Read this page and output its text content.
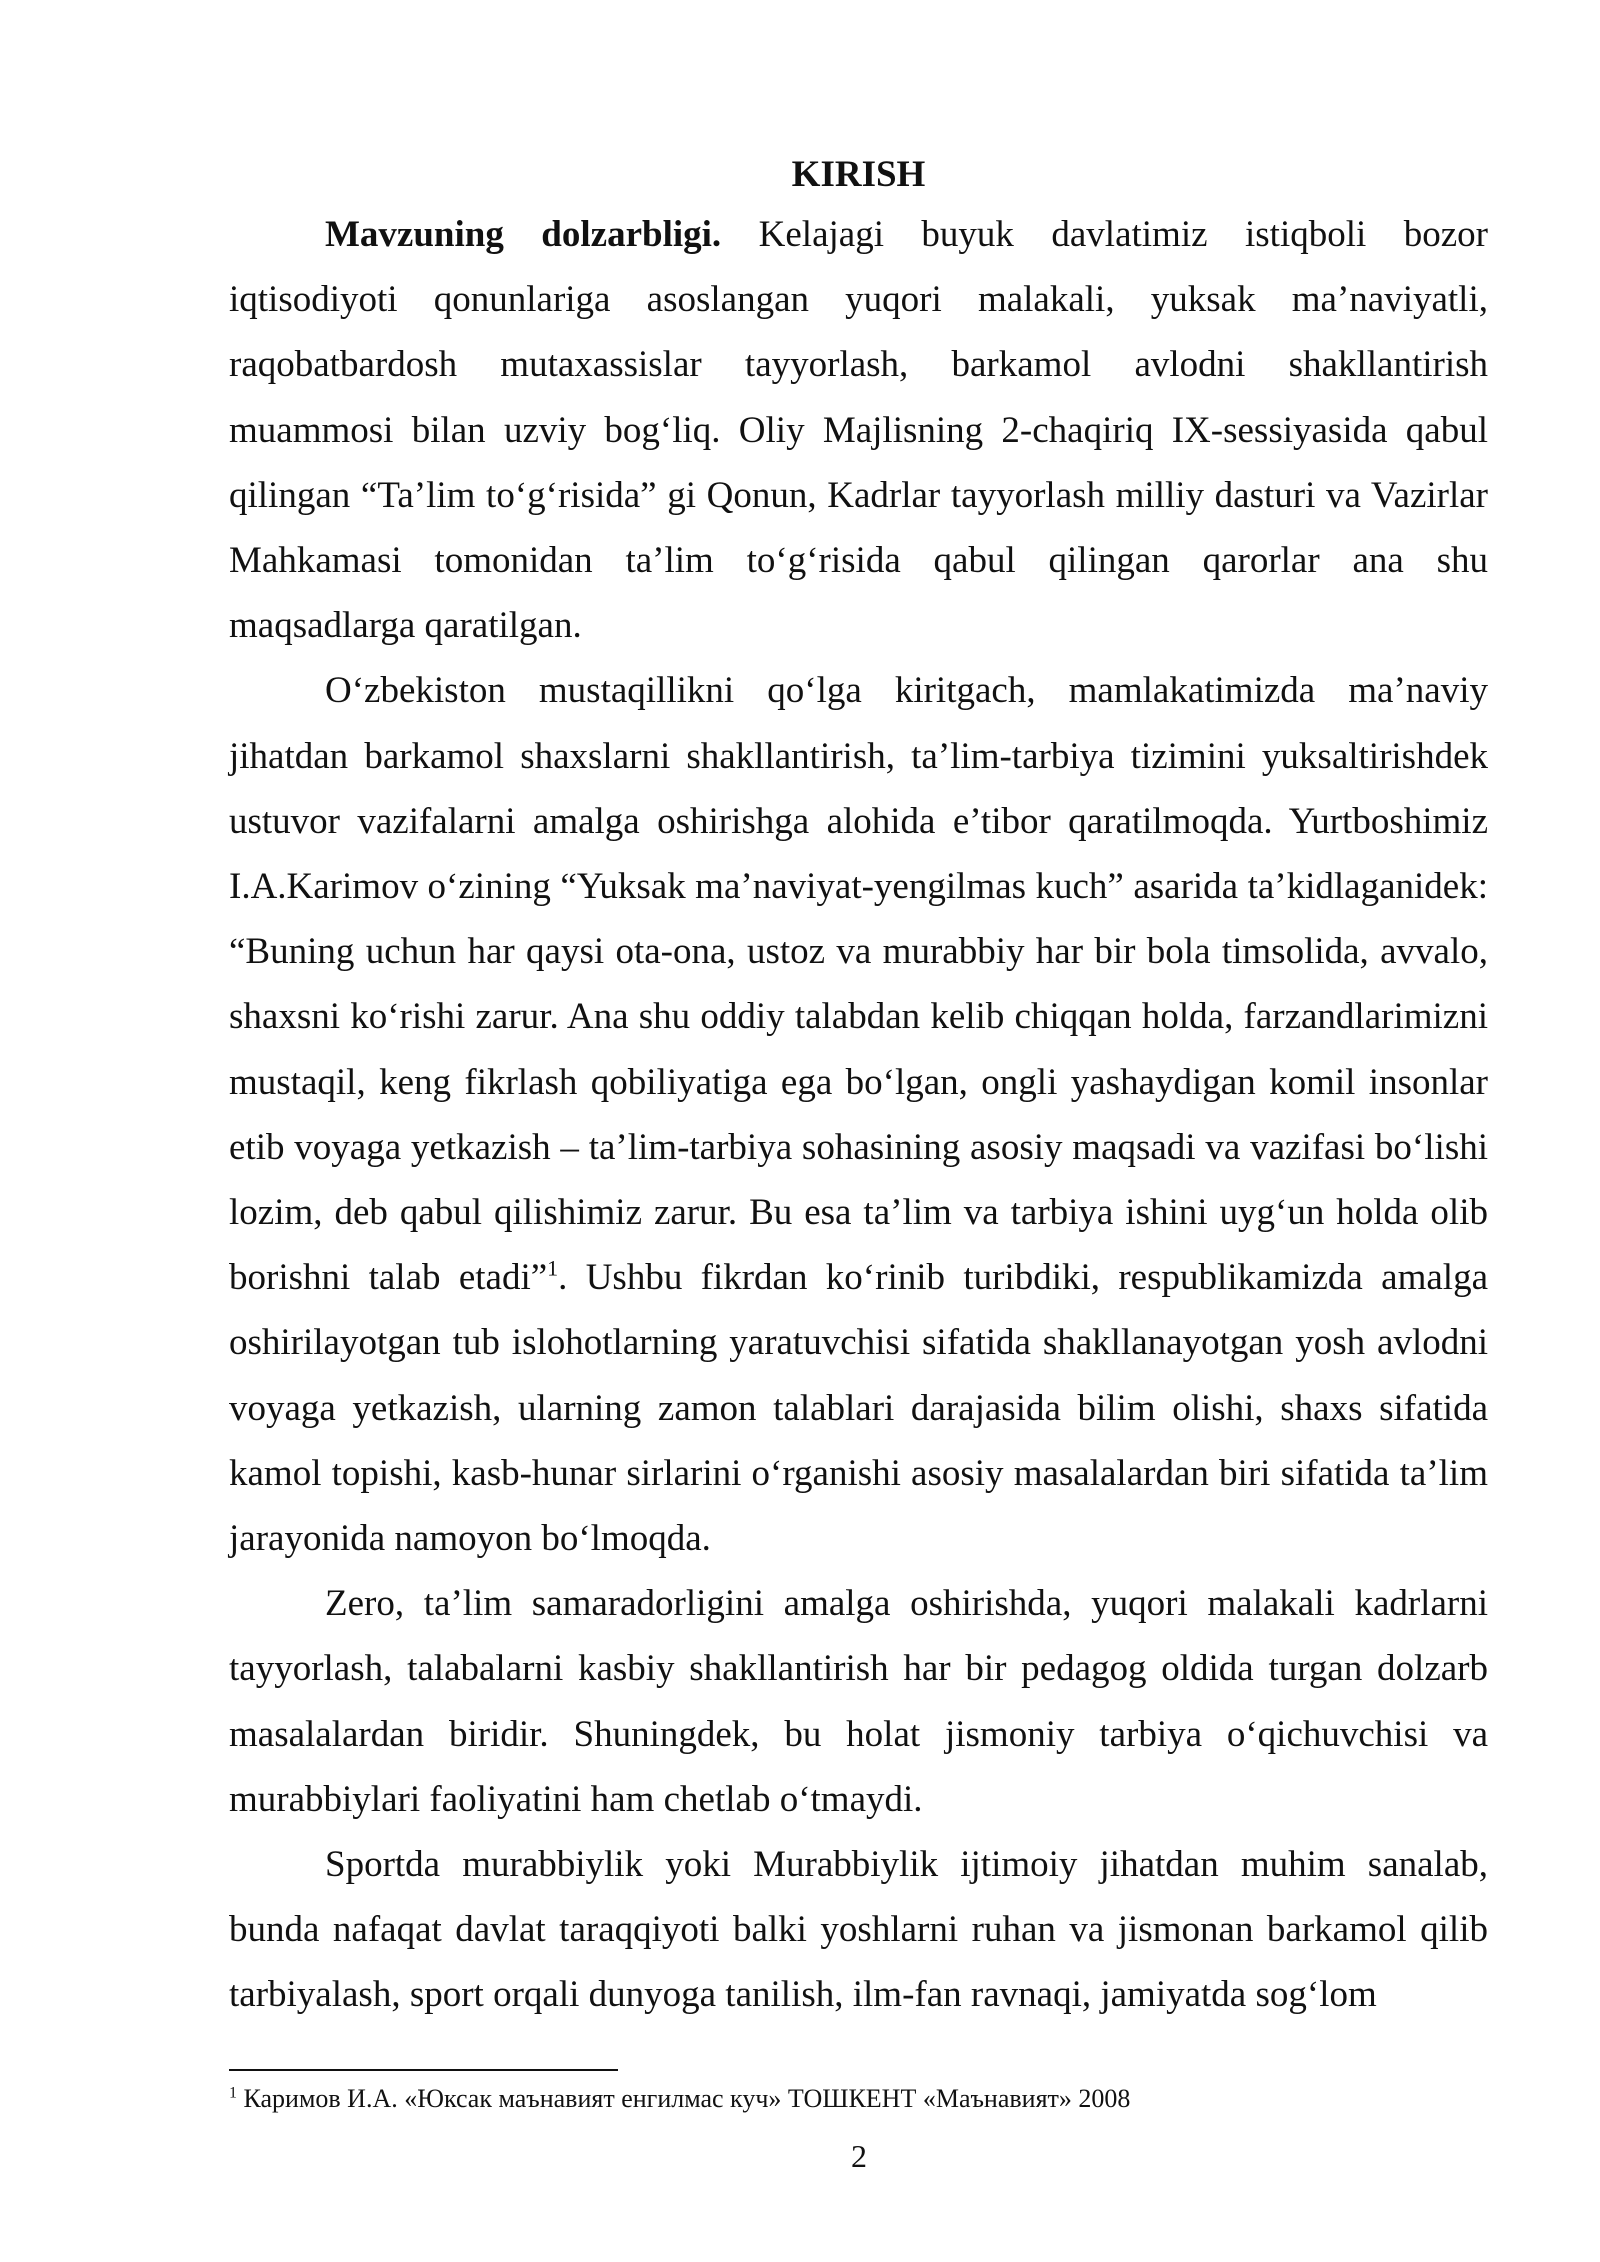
KIRISH

Mavzuning dolzarbligi. Kelajagi buyuk davlatimiz istiqboli bozor iqtisodiyoti qonunlariga asoslangan yuqori malakali, yuksak ma’naviyatli, raqobatbardosh mutaxassislar tayyorlash, barkamol avlodni shakllantirish muammosi bilan uzviy bog‘liq. Oliy Majlisning 2-chaqiriq IX-sessiyasida qabul qilingan “Ta’lim to‘g‘risida” gi Qonun, Kadrlar tayyorlash milliy dasturi va Vazirlar Mahkamasi tomonidan ta’lim to‘g‘risida qabul qilingan qarorlar ana shu maqsadlarga qaratilgan.

O‘zbekiston mustaqillikni qo‘lga kiritgach, mamlakatimizda ma’naviy jihatdan barkamol shaxslarni shakllantirish, ta’lim-tarbiya tizimini yuksaltirishdek ustuvor vazifalarni amalga oshirishga alohida e’tibor qaratilmoqda. Yurtboshimiz I.A.Karimov o‘zining “Yuksak ma’naviyat-yengilmas kuch” asarida ta’kidlaganidek: “Buning uchun har qaysi ota-ona, ustoz va murabbiy har bir bola timsolida, avvalo, shaxsni ko‘rishi zarur. Ana shu oddiy talabdan kelib chiqqan holda, farzandlarimizni mustaqil, keng fikrlash qobiliyatiga ega bo‘lgan, ongli yashaydigan komil insonlar etib voyaga yetkazish – ta’lim-tarbiya sohasining asosiy maqsadi va vazifasi bo‘lishi lozim, deb qabul qilishimiz zarur. Bu esa ta’lim va tarbiya ishini uyg‘un holda olib borishni talab etadi”$^1$. Ushbu fikrdan ko‘rinib turibdiki, respublikamizda amalga oshirilayotgan tub islohotlarning yaratuvchisi sifatida shakllanayotgan yosh avlodni voyaga yetkazish, ularning zamon talablari darajasida bilim olishi, shaxs sifatida kamol topishi, kasb-hunar sirlarini o‘rganishi asosiy masalalardan biri sifatida ta’lim jarayonida namoyon bo‘lmoqda.

Zero, ta’lim samaradorligini amalga oshirishda, yuqori malakali kadrlarni tayyorlash, talabalarni kasbiy shakllantirish har bir pedagog oldida turgan dolzarb masalalardan biridir. Shuningdek, bu holat jismoniy tarbiya o‘qichuvchisi va murabbiylari faoliyatini ham chetlab o‘tmaydi.

Sportda murabbiylik yoki Murabbiylik ijtimoiy jihatdan muhim sanalab, bunda nafaqat davlat taraqqiyoti balki yoshlarni ruhan va jismonan barkamol qilib tarbiyalash, sport orqali dunyoga tanilish, ilm-fan ravnaqi, jamiyatda sog‘lom

$^1$ Каримов И.А. «Юксак маънавият енгилмас куч» ТОШКЕНТ «Маънавият» 2008

2
